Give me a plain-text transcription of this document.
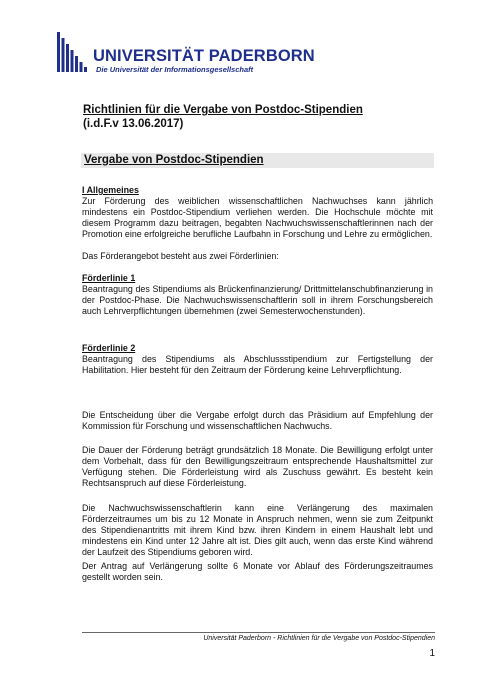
UNIVERSITÄT PADERBORN
Die Universität der Informationsgesellschaft
Richtlinien für die Vergabe von Postdoc-Stipendien
(i.d.F.v 13.06.2017)
Vergabe von Postdoc-Stipendien

I Allgemeines

Zur Förderung des weiblichen wissenschaftlichen Nachwuchses kann jährlich mindestens ein Postdoc-Stipendium verliehen werden. Die Hochschule möchte mit diesem Programm dazu beitragen, begabten Nachwuchswissenschaftlerinnen nach der Promotion eine erfolgreiche berufliche Laufbahn in Forschung und Lehre zu ermöglichen.

Das Förderangebot besteht aus zwei Förderlinien:

Förderlinie 1

Beantragung des Stipendiums als Brückenfinanzierung/ Drittmittelanschubfinanzierung in der Postdoc-Phase. Die Nachwuchswissenschaftlerin soll in ihrem Forschungsbereich auch Lehrverpflichtungen übernehmen (zwei Semesterwochenstunden).

Förderlinie 2

Beantragung des Stipendiums als Abschlussstipendium zur Fertigstellung der Habilitation. Hier besteht für den Zeitraum der Förderung keine Lehrverpflichtung.

Die Entscheidung über die Vergabe erfolgt durch das Präsidium auf Empfehlung der Kommission für Forschung und wissenschaftlichen Nachwuchs.

Die Dauer der Förderung beträgt grundsätzlich 18 Monate. Die Bewilligung erfolgt unter dem Vorbehalt, dass für den Bewilligungszeitraum entsprechende Haushaltsmittel zur Verfügung stehen. Die Förderleistung wird als Zuschuss gewährt. Es besteht kein Rechtsanspruch auf diese Förderleistung.

Die Nachwuchswissenschaftlerin kann eine Verlängerung des maximalen Förderzeitraumes um bis zu 12 Monate in Anspruch nehmen, wenn sie zum Zeitpunkt des Stipendienantritts mit ihrem Kind bzw. ihren Kindern in einem Haushalt lebt und mindestens ein Kind unter 12 Jahre alt ist. Dies gilt auch, wenn das erste Kind während der Laufzeit des Stipendiums geboren wird.

Der Antrag auf Verlängerung sollte 6 Monate vor Ablauf des Förderungszeitraumes gestellt worden sein.

Universität Paderborn - Richtlinien für die Vergabe von Postdoc-Stipendien
1
